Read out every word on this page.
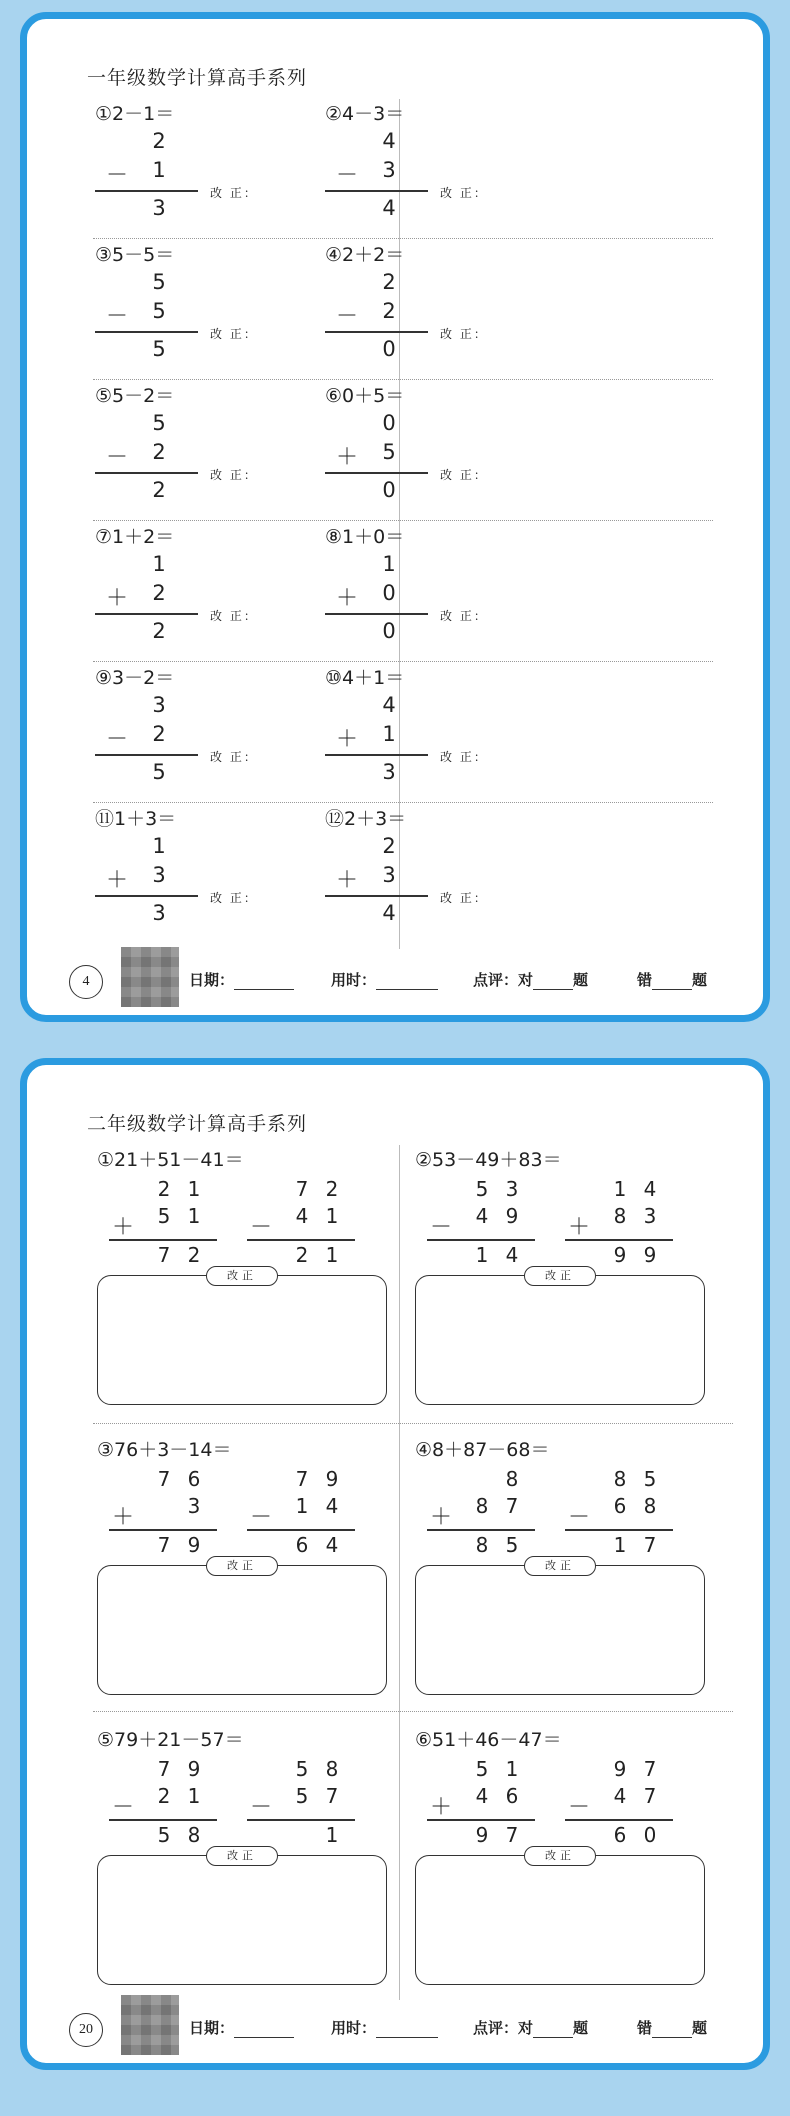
一年级数学计算高手系列
①2－1＝
2
－ 1
3
改 正：
②4－3＝
4
－ 3
4
改 正：
③5－5＝
5
－ 5
5
改 正：
④2＋2＝
2
－ 2
0
改 正：
⑤5－2＝
5
－ 2
2
改 正：
⑥0＋5＝
0
＋ 5
0
改 正：
⑦1＋2＝
1
＋ 2
2
改 正：
⑧1＋0＝
1
＋ 0
0
改 正：
⑨3－2＝
3
－ 2
5
改 正：
⑩4＋1＝
4
＋ 1
3
改 正：
⑪1＋3＝
1
＋ 3
3
改 正：
⑫2＋3＝
2
＋ 3
4
改 正：
4	日期：	用时：	点评：对	题	错	题
二年级数学计算高手系列
①21＋51－41＝
2 1
5 1
7 2
＋
7 2
4 1
2 1
－
改正
②53－49＋83＝
5 3
4 9
1 4
－
1 4
8 3
9 9
＋
改正
③76＋3－14＝
7 6
3
7 9
＋
7 9
1 4
6 4
－
改正
④8＋87－68＝
8
8 7
8 5
＋
8 5
6 8
1 7
－
改正
⑤79＋21－57＝
7 9
2 1
5 8
－
5 8
5 7
1
－
改正
⑥51＋46－47＝
5 1
4 6
9 7
＋
9 7
4 7
6 0
－
改正
20	日期：	用时：	点评：对	题	错	题
